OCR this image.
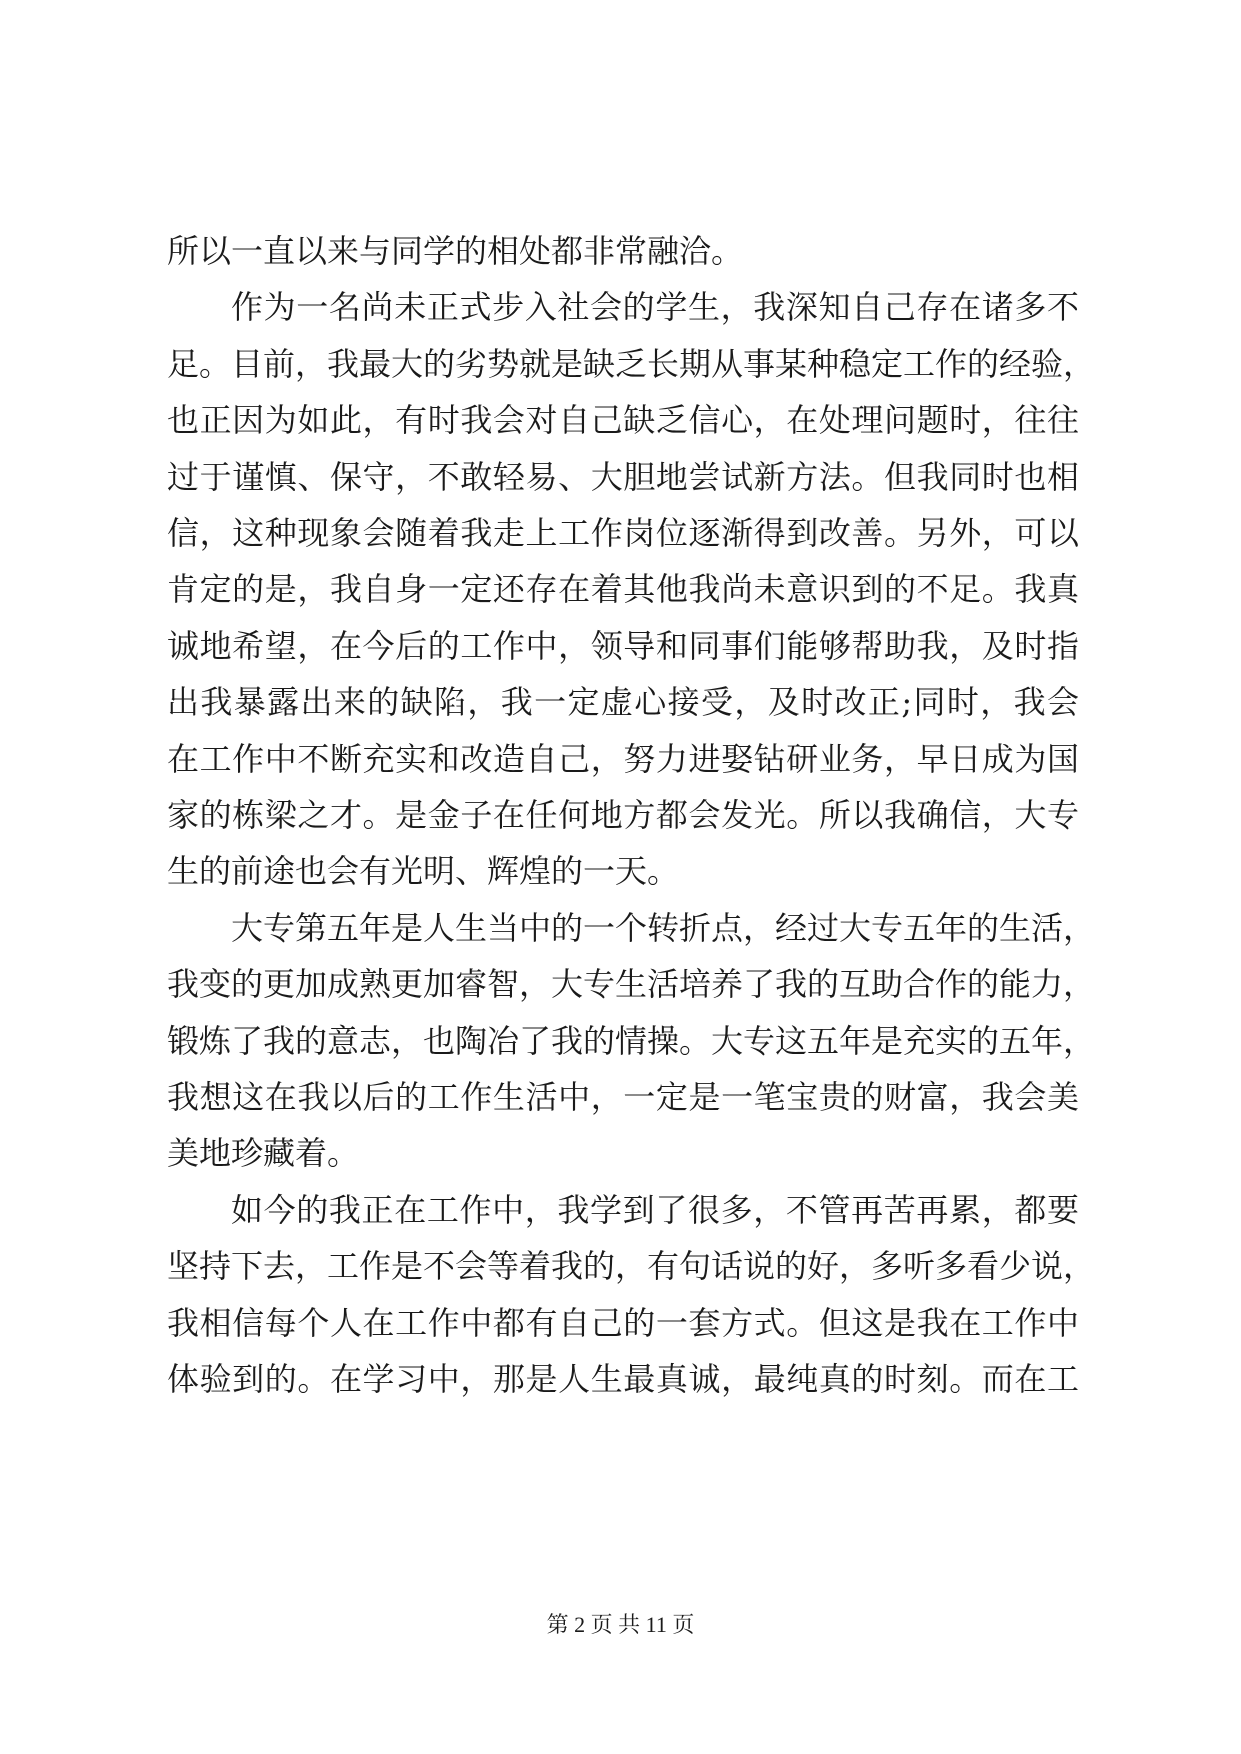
所以一直以来与同学的相处都非常融洽。
作为一名尚未正式步入社会的学生，我深知自己存在诸多不
足。目前，我最大的劣势就是缺乏长期从事某种稳定工作的经验，
也正因为如此，有时我会对自己缺乏信心，在处理问题时，往往
过于谨慎、保守，不敢轻易、大胆地尝试新方法。但我同时也相
信，这种现象会随着我走上工作岗位逐渐得到改善。另外，可以
肯定的是，我自身一定还存在着其他我尚未意识到的不足。我真
诚地希望，在今后的工作中，领导和同事们能够帮助我，及时指
出我暴露出来的缺陷，我一定虚心接受，及时改正;同时，我会
在工作中不断充实和改造自己，努力进娶钻研业务，早日成为国
家的栋梁之才。是金子在任何地方都会发光。所以我确信，大专
生的前途也会有光明、辉煌的一天。
大专第五年是人生当中的一个转折点，经过大专五年的生活，
我变的更加成熟更加睿智，大专生活培养了我的互助合作的能力，
锻炼了我的意志，也陶冶了我的情操。大专这五年是充实的五年，
我想这在我以后的工作生活中，一定是一笔宝贵的财富，我会美
美地珍藏着。
如今的我正在工作中，我学到了很多，不管再苦再累，都要
坚持下去，工作是不会等着我的，有句话说的好，多听多看少说，
我相信每个人在工作中都有自己的一套方式。但这是我在工作中
体验到的。在学习中，那是人生最真诚，最纯真的时刻。而在工
第 2 页 共 11 页
